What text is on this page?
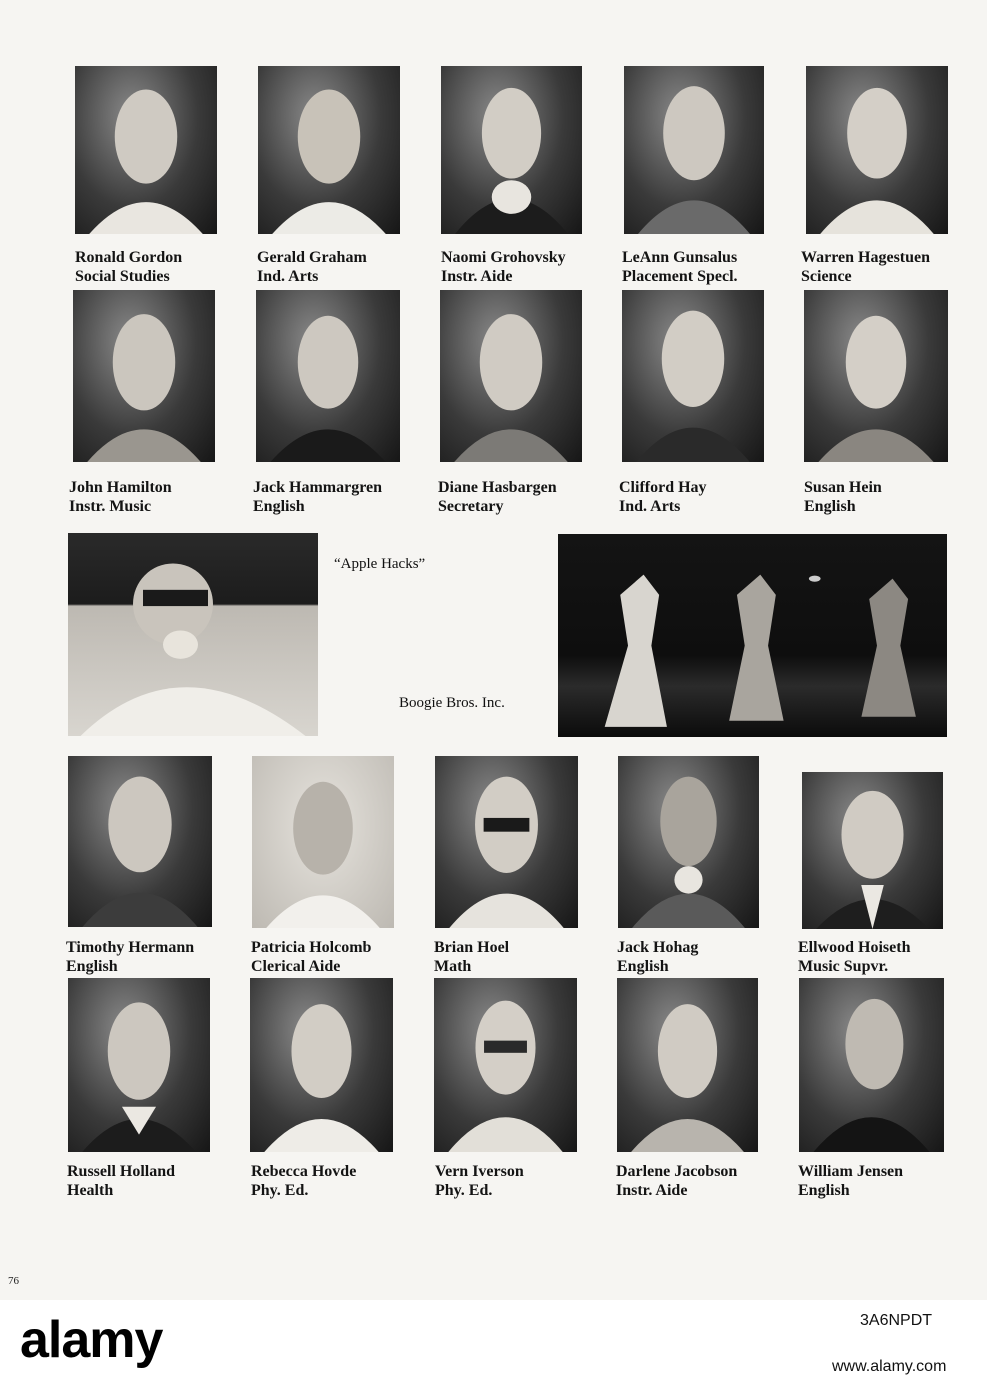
Ronald Gordon
Social Studies
Gerald Graham
Ind. Arts
Naomi Grohovsky
Instr. Aide
LeAnn Gunsalus
Placement Specl.
Warren Hagestuen
Science
John Hamilton
Instr. Music
Jack Hammargren
English
Diane Hasbargen
Secretary
Clifford Hay
Ind. Arts
Susan Hein
English
“Apple Hacks”
Boogie Bros. Inc.
Timothy Hermann
English
Patricia Holcomb
Clerical Aide
Brian Hoel
Math
Jack Hohag
English
Ellwood Hoiseth
Music Supvr.
Russell Holland
Health
Rebecca Hovde
Phy. Ed.
Vern Iverson
Phy. Ed.
Darlene Jacobson
Instr. Aide
William Jensen
English
76
alamy	3A6NPDT
www.alamy.com
